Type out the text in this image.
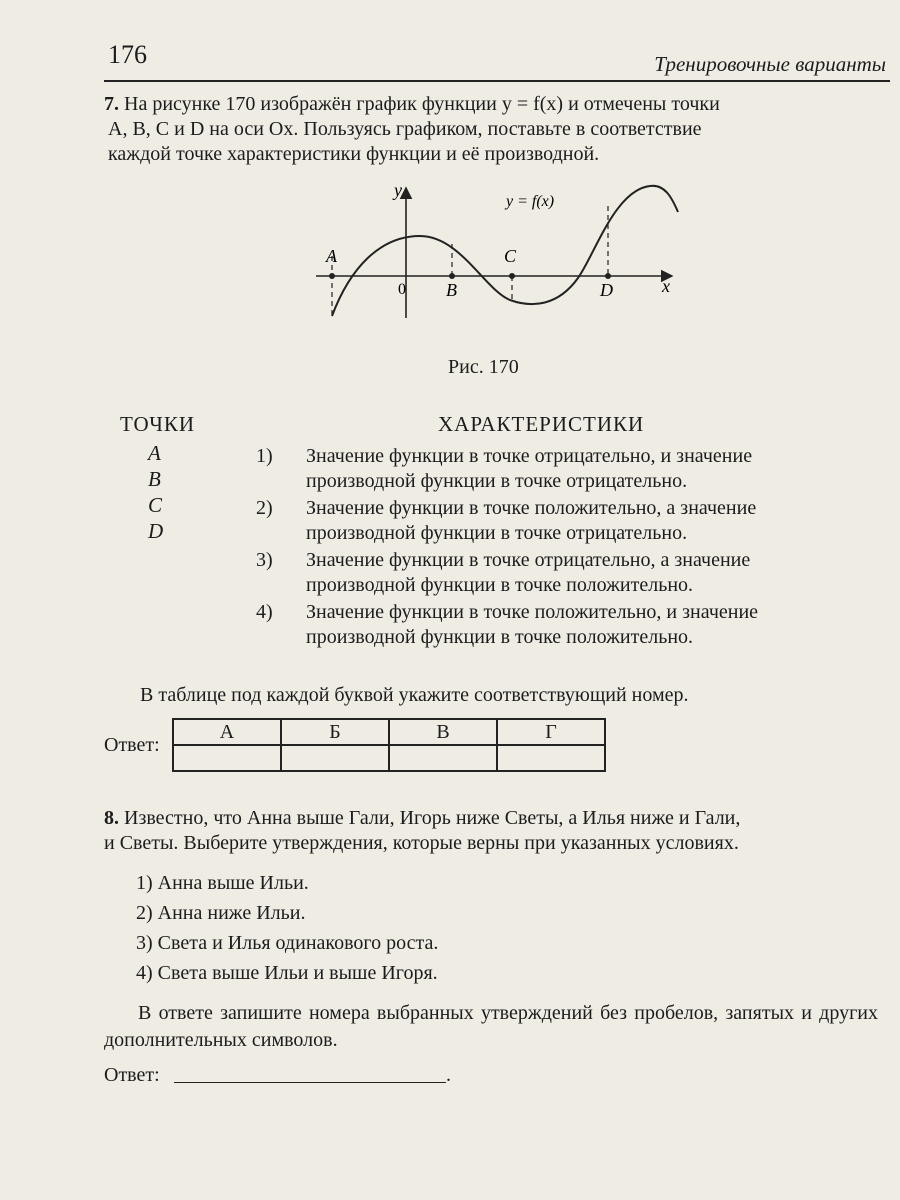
176	Тренировочные варианты
7. На рисунке 170 изображён график функции y = f(x) и отмечены точки
A, B, C и D на оси Ox. Пользуясь графиком, поставьте в соответствие
каждой точке характеристики функции и её производной.
A
B
C
D
0	x
y
y = f(x)
Рис. 170
ТОЧКИ	ХАРАКТЕРИСТИКИ
A
B
C
D
1) Значение функции в точке отрицательно, и значение
производной функции в точке отрицательно.
2) Значение функции в точке положительно, а значение
производной функции в точке отрицательно.
3) Значение функции в точке отрицательно, а значение
производной функции в точке положительно.
4) Значение функции в точке положительно, и значение
производной функции в точке положительно.
В таблице под каждой буквой укажите соответствующий номер.
Ответ:
А	Б	В	Г

8. Известно, что Анна выше Гали, Игорь ниже Светы, а Илья ниже и Гали,
и Светы. Выберите утверждения, которые верны при указанных условиях.
1) Анна выше Ильи.
2) Анна ниже Ильи.
3) Света и Илья одинакового роста.
4) Света выше Ильи и выше Игоря.
В ответе запишите номера выбранных утверждений без пробелов, запятых и других дополнительных символов.
Ответ:	.
